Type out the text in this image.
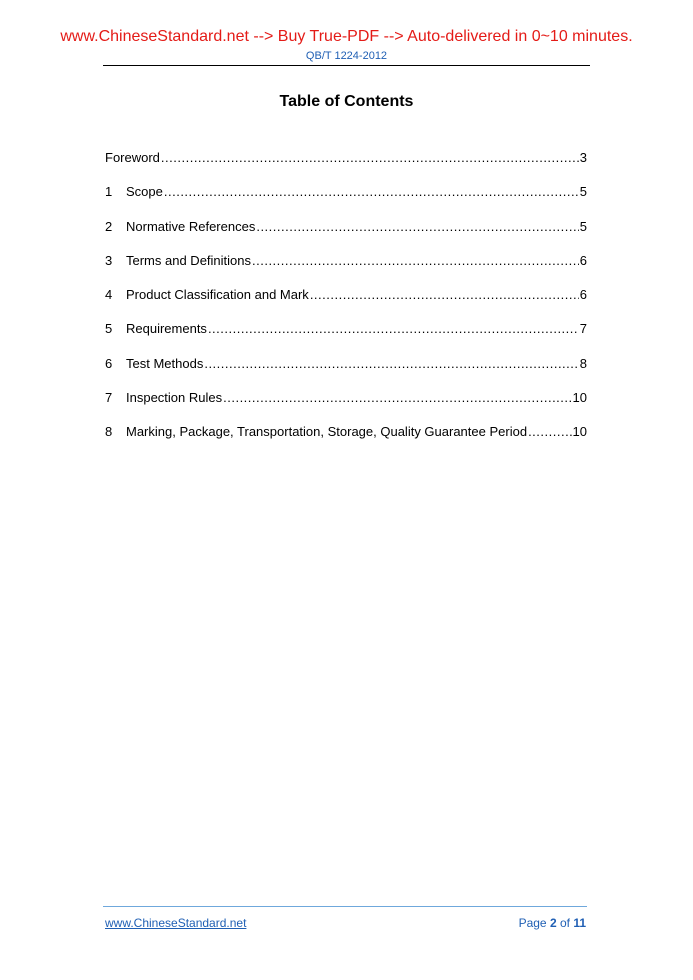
www.ChineseStandard.net --> Buy True-PDF --> Auto-delivered in 0~10 minutes.
QB/T 1224-2012
Table of Contents
Foreword .....	3
1	Scope .....	5
2	Normative References .....	5
3	Terms and Definitions .....	6
4	Product Classification and Mark .....	6
5	Requirements .....	7
6	Test Methods .....	8
7	Inspection Rules .....	10
8	Marking, Package, Transportation, Storage, Quality Guarantee Period .....	10
www.ChineseStandard.net	Page 2 of 11
